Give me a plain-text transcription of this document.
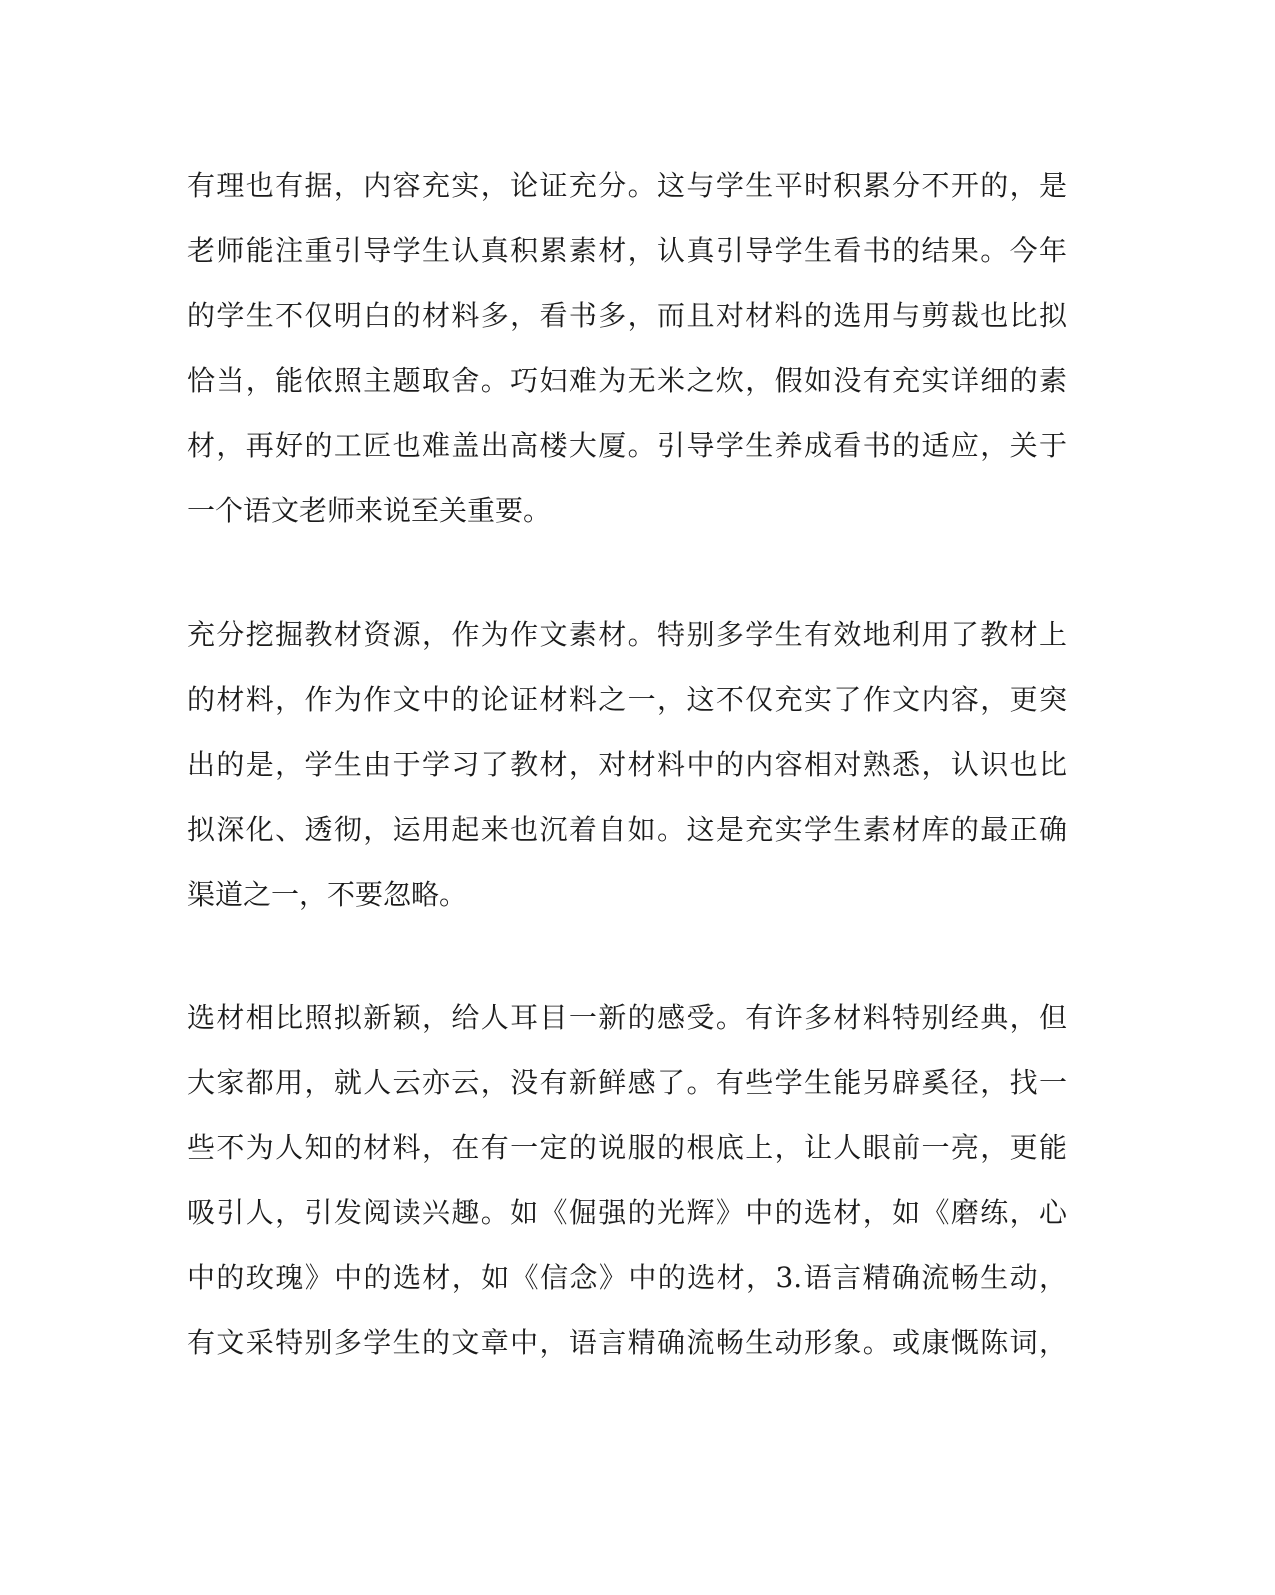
有理也有据，内容充实，论证充分。这与学生平时积累分不开的，是
老师能注重引导学生认真积累素材，认真引导学生看书的结果。今年
的学生不仅明白的材料多，看书多，而且对材料的选用与剪裁也比拟
恰当，能依照主题取舍。巧妇难为无米之炊，假如没有充实详细的素
材，再好的工匠也难盖出高楼大厦。引导学生养成看书的适应，关于
一个语文老师来说至关重要。
充分挖掘教材资源，作为作文素材。特别多学生有效地利用了教材上
的材料，作为作文中的论证材料之一，这不仅充实了作文内容，更突
出的是，学生由于学习了教材，对材料中的内容相对熟悉，认识也比
拟深化、透彻，运用起来也沉着自如。这是充实学生素材库的最正确
渠道之一，不要忽略。
选材相比照拟新颖，给人耳目一新的感受。有许多材料特别经典，但
大家都用，就人云亦云，没有新鲜感了。有些学生能另辟奚径，找一
些不为人知的材料，在有一定的说服的根底上，让人眼前一亮，更能
吸引人，引发阅读兴趣。如《倔强的光辉》中的选材，如《磨练，心
中的玫瑰》中的选材，如《信念》中的选材，3.语言精确流畅生动，
有文采特别多学生的文章中，语言精确流畅生动形象。或康慨陈词，
